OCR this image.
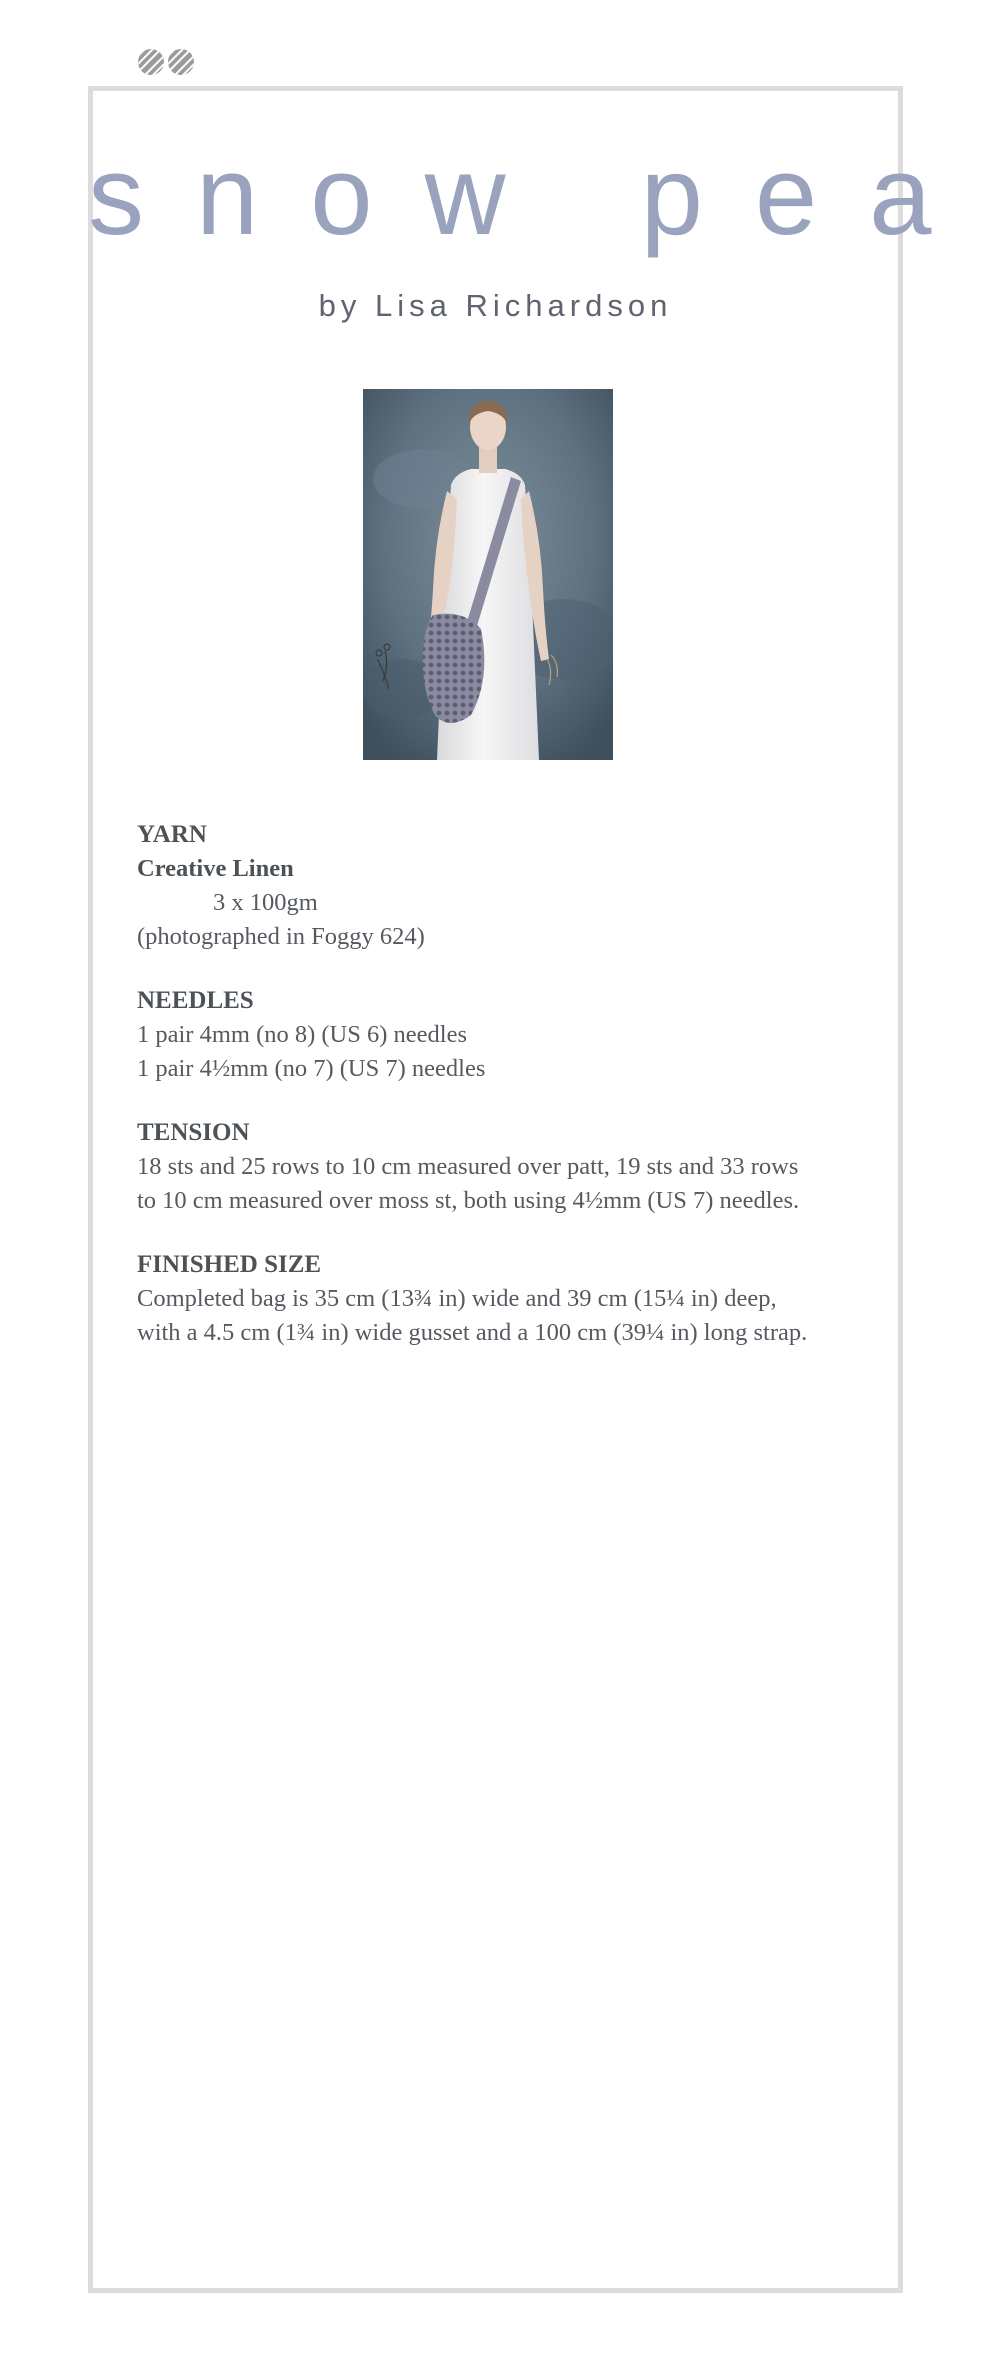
snow pea

by Lisa Richardson

YARN
Creative Linen
3 x 100gm
(photographed in Foggy 624)
NEEDLES
1 pair 4mm (no 8) (US 6) needles
1 pair 4½mm (no 7) (US 7) needles
TENSION
18 sts and 25 rows to 10 cm measured over patt, 19 sts and 33 rows
to 10 cm measured over moss st, both using 4½mm (US 7) needles.
FINISHED SIZE
Completed bag is 35 cm (13¾ in) wide and 39 cm (15¼ in) deep,
with a 4.5 cm (1¾ in) wide gusset and a 100 cm (39¼ in) long strap.
